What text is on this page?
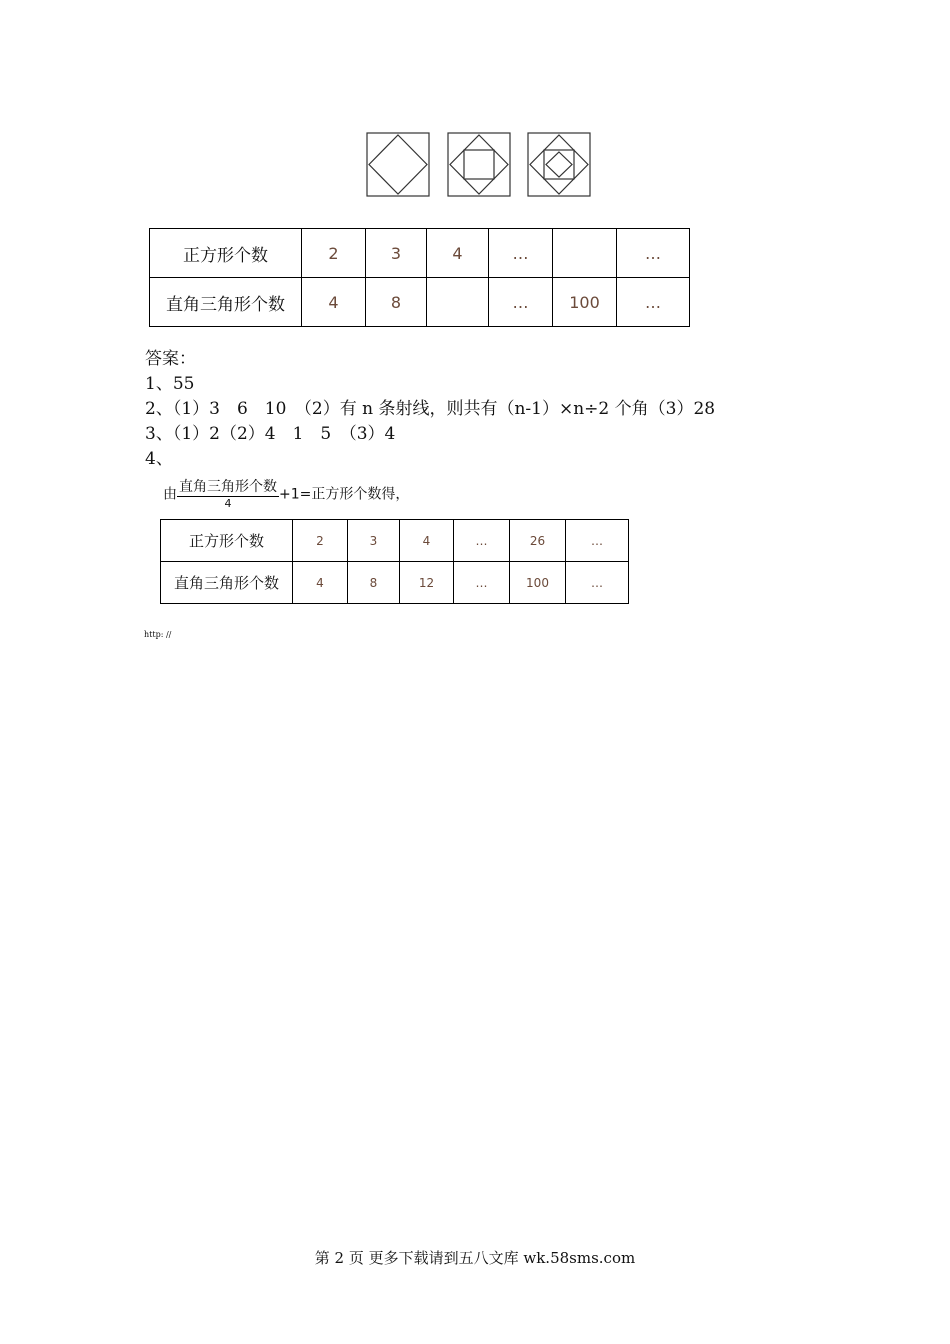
正方形个数	2	3	4	…		…
直角三角形个数	4	8		…	100	…
答案：
1、55
2、（1）3　6　10　（2）有 n 条射线，则共有（n-1）×n÷2 个角（3）28
3、（1）2（2）4　1　5　（3）4
4、
由 $\frac{\text{直角三角形个数}}{4} +1=$正方形个数得，
正方形个数	2	3	4	…	26	…
直角三角形个数	4	8	12	…	100	…
http: //
第 2 页 更多下载请到五八文库 wk.58sms.com
